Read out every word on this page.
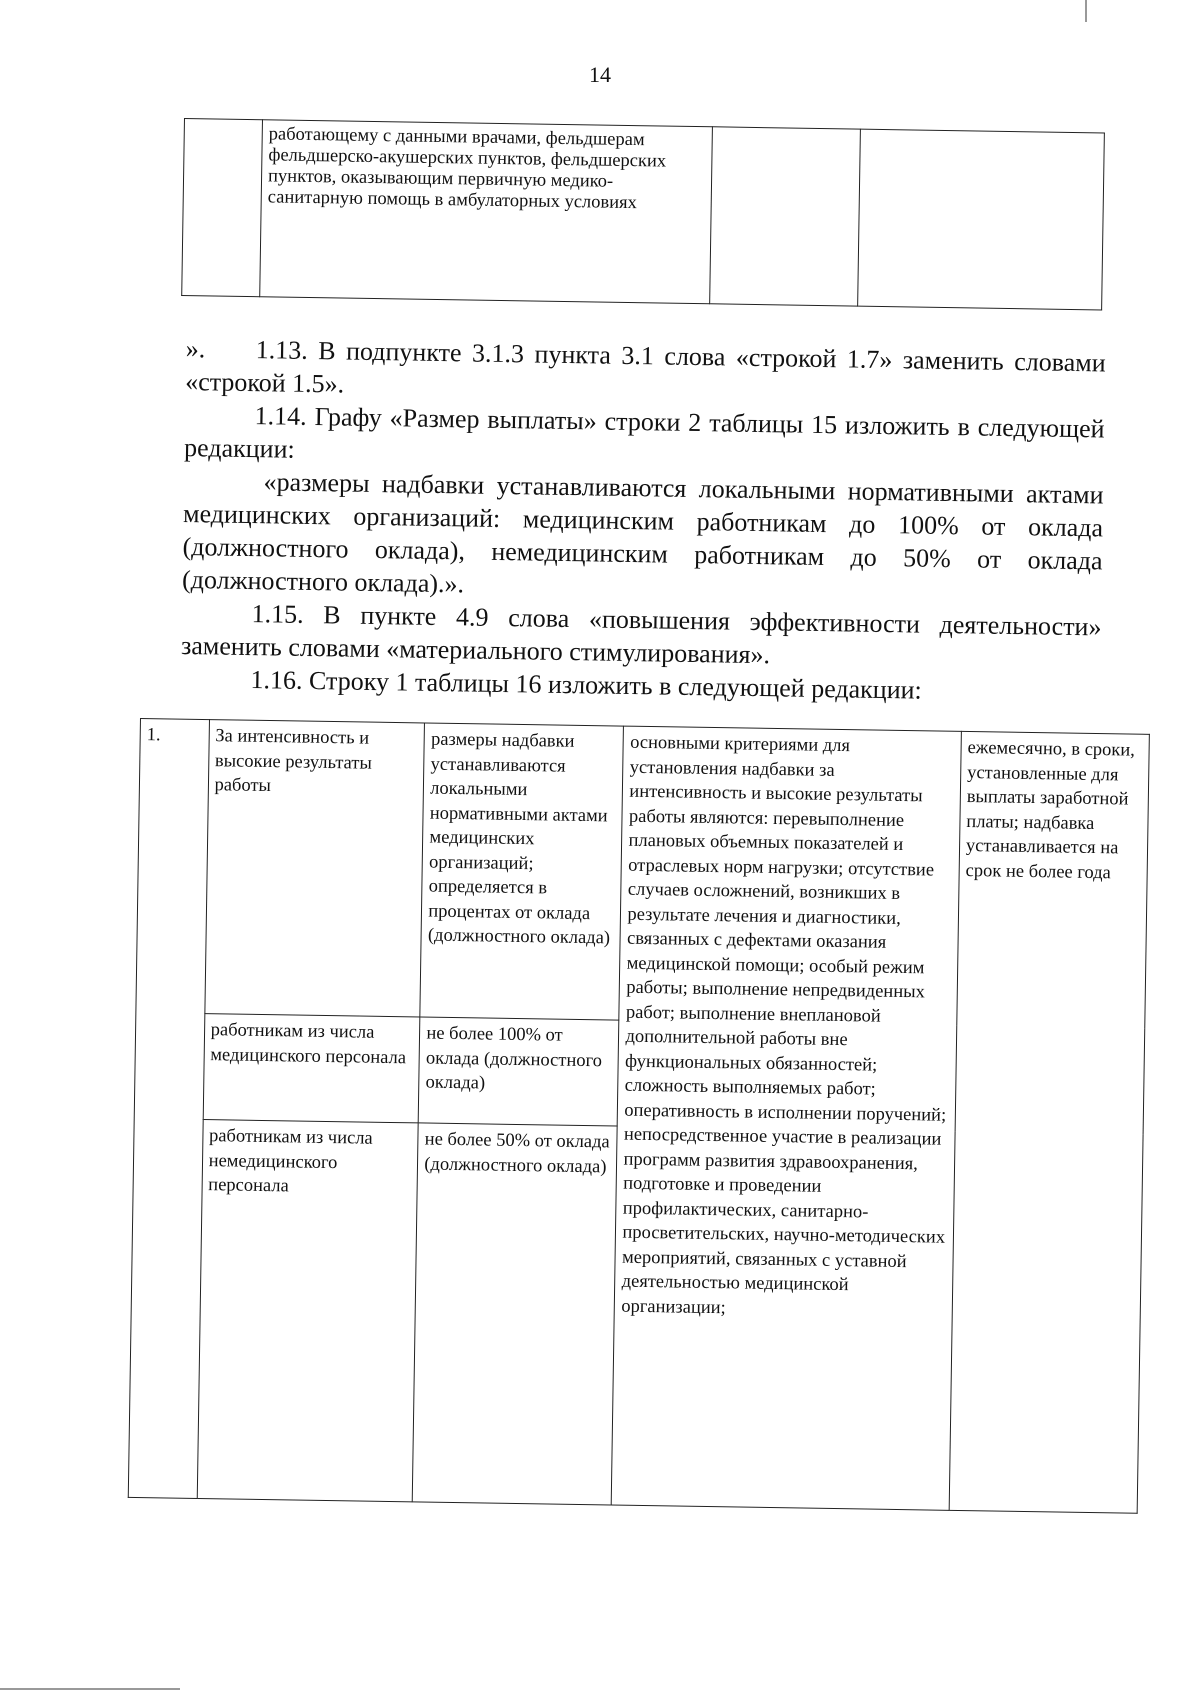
14
	работающему с данными врачами, фельдшерам фельдшерско-акушерских пунктов, фельдшерских пунктов, оказывающим первичную медико-санитарную помощь в амбулаторных условиях		

».	1.13. В подпункте 3.1.3 пункта 3.1 слова «строкой 1.7» заменить словами «строкой 1.5».

1.14. Графу «Размер выплаты» строки 2 таблицы 15 изложить в следующей редакции:

«размеры надбавки устанавливаются локальными нормативными актами медицинских организаций: медицинским работникам до 100% от оклада (должностного оклада), немедицинским работникам до 50% от оклада (должностного оклада).».

1.15. В пункте 4.9 слова «повышения эффективности деятельности» заменить словами «материального стимулирования».

1.16. Строку 1 таблицы 16 изложить в следующей редакции:

1.	За интенсивность и высокие результаты работы	размеры надбавки устанавливаются локальными нормативными актами медицинских организаций; определяется в процентах от оклада (должностного оклада)	основными критериями для установления надбавки за интенсивность и высокие результаты работы являются: перевыполнение плановых объемных показателей и отраслевых норм нагрузки; отсутствие случаев осложнений, возникших в результате лечения и диагностики, связанных с дефектами оказания медицинской помощи; особый режим работы; выполнение непредвиденных работ; выполнение внеплановой дополнительной работы вне функциональных обязанностей; сложность выполняемых работ; оперативность в исполнении поручений; непосредственное участие в реализации программ развития здравоохранения, подготовке и проведении профилактических, санитарно-просветительских, научно-методических мероприятий, связанных с уставной деятельностью медицинской организации;	ежемесячно, в сроки, установленные для выплаты заработной платы; надбавка устанавливается на срок не более года
	работникам из числа медицинского персонала	не более 100% от оклада (должностного оклада)		
	работникам из числа немедицинского персонала	не более 50% от оклада (должностного оклада)		
